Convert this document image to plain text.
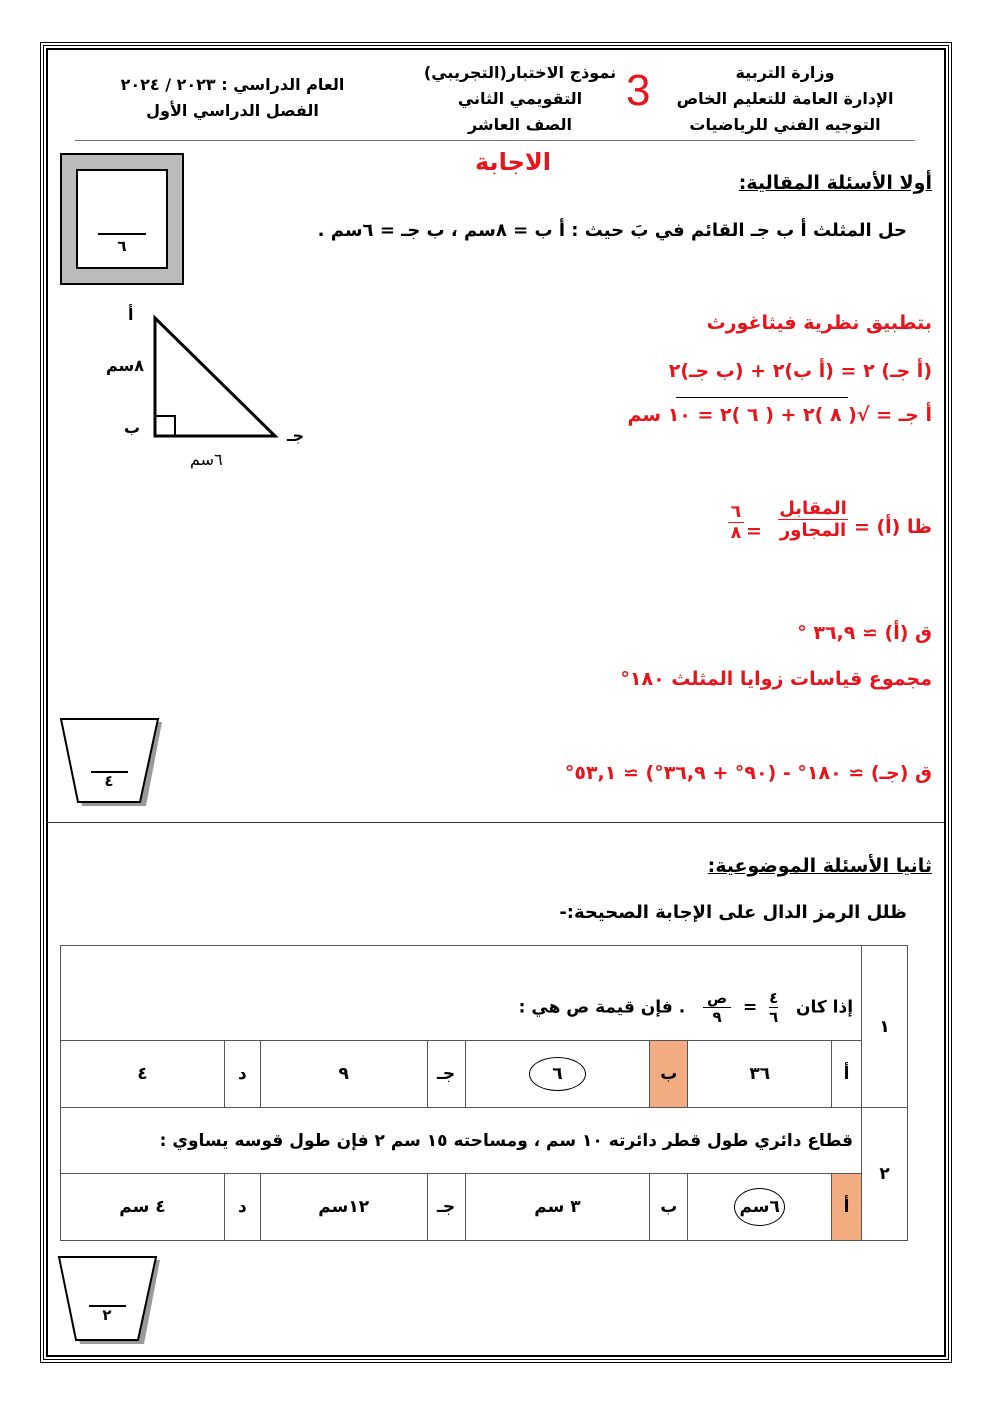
وزارة التربية
الإدارة العامة للتعليم الخاص
التوجيه الفني للرياضيات
3
نموذج الاختبار(التجريبي)
التقويمي الثاني
الصف العاشر
العام الدراسي : ٢٠٢٣ / ٢٠٢٤
الفصل الدراسي الأول
٦
الاجابة
أولا الأسئلة المقالية:
حل المثلث أ ب جـ القائم في بَ حيث : أ ب = ٨سم ، ب جـ = ٦سم .
أ
٨سم
ب	جـ
٦سم
بتطبيق نظرية فيثاغورث
(أ جـ) ٢ = (أ ب)٢ + (ب جـ)٢
أ جـ = √( ٨ )٢ + ( ٦ )٢ = ١٠ سم
ظا (أ) =
المقابل
المجاور
=
٦
٨
ق (أ) ≃ ٣٦,٩ °
مجموع قياسات زوايا المثلث ١٨٠°
ق (جـ) ≃ ١٨٠° - (٩٠° + ٣٦,٩°) ≃ ٥٣,١°
٤
ثانيا الأسئلة الموضوعية:
ظلل الرمز الدال على الإجابة الصحيحة:-
١	إذا كان
٤
٦  =
ص
٩   . فإن قيمة ص هي :							
	أ	٣٦	ب	٦	جـ	٩	د	٤
٢	قطاع دائري طول قطر دائرته ١٠ سم ، ومساحته ١٥ سم ٢ فإن طول قوسه يساوي :							
	أ	٦سم	ب	٣ سم	جـ	١٢سم	د	٤ سم
٢
